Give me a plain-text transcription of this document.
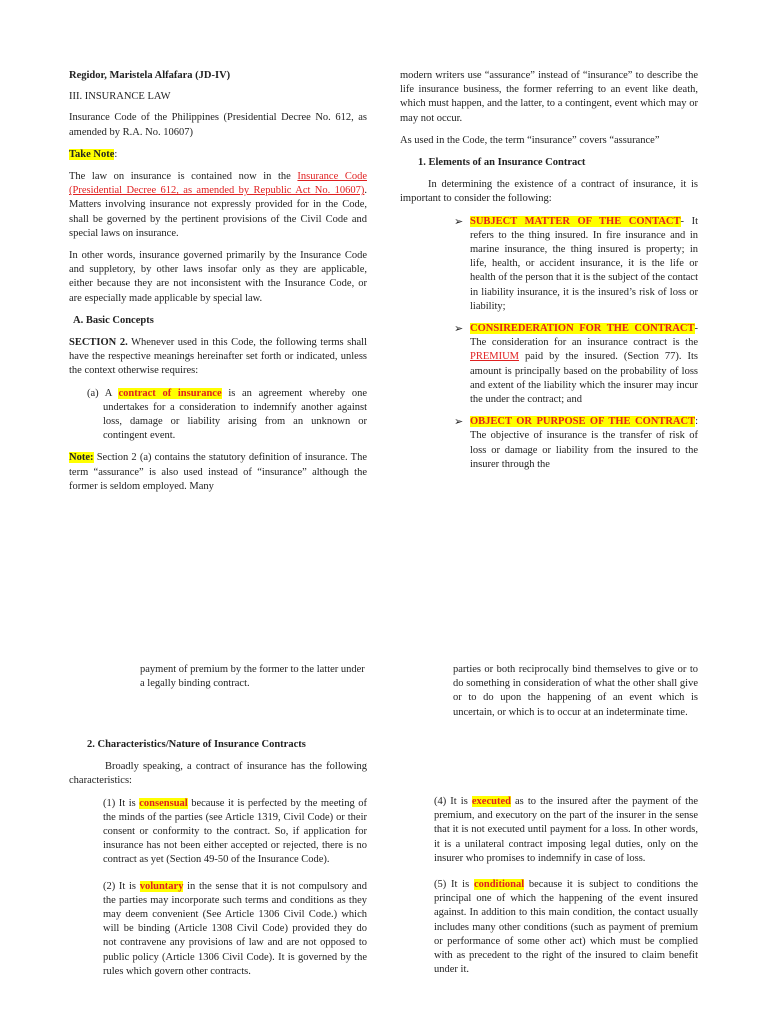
Regidor, Maristela Alfafara (JD-IV)

III. INSURANCE LAW

Insurance Code of the Philippines (Presidential Decree No. 612, as amended by R.A. No. 10607)

Take Note:

The law on insurance is contained now in the Insurance Code (Presidential Decree 612, as amended by Republic Act No. 10607). Matters involving insurance not expressly provided for in the Code, shall be governed by the pertinent provisions of the Civil Code and special laws on insurance.

In other words, insurance governed primarily by the Insurance Code and suppletory, by other laws insofar only as they are applicable, either because they are not inconsistent with the Insurance Code, or are especially made applicable by special law.

A. Basic Concepts

SECTION 2. Whenever used in this Code, the following terms shall have the respective meanings hereinafter set forth or indicated, unless the context otherwise requires:

(a) A contract of insurance is an agreement whereby one undertakes for a consideration to indemnify another against loss, damage or liability arising from an unknown or contingent event.

Note: Section 2 (a) contains the statutory definition of insurance. The term “assurance” is also used instead of “insurance” although the former is seldom employed. Many

modern writers use “assurance” instead of “insurance” to describe the life insurance business, the former referring to an event like death, which must happen, and the latter, to a contingent, event which may or may not occur.

As used in the Code, the term “insurance” covers “assurance”

1. Elements of an Insurance Contract

In determining the existence of a contract of insurance, it is important to consider the following:

➢ SUBJECT MATTER OF THE CONTACT- It refers to the thing insured. In fire insurance and in marine insurance, the thing insured is property; in life, health, or accident insurance, it is the life or health of the person that it is the subject of the contact in liability insurance, it is the insured’s risk of loss or liability;

➢ CONSIREDERATION FOR THE CONTRACT- The consideration for an insurance contract is the PREMIUM paid by the insured. (Section 77). Its amount is principally based on the probability of loss and extent of the liability which the insurer may incur the under the contract; and

➢ OBJECT OR PURPOSE OF THE CONTRACT: The objective of insurance is the transfer of risk of loss or damage or liability from the insured to the insurer through the

payment of premium by the former to the latter under a legally binding contract.

parties or both reciprocally bind themselves to give or to do something in consideration of what the other shall give or to do upon the happening of an event which is uncertain, or which is to occur at an indeterminate time.

2. Characteristics/Nature of Insurance Contracts

Broadly speaking, a contract of insurance has the following characteristics:

(1) It is consensual because it is perfected by the meeting of the minds of the parties (see Article 1319, Civil Code) or their consent or conformity to the contract. So, if application for insurance has not been either accepted or rejected, there is no contract as yet (Section 49-50 of the Insurance Code).

(2) It is voluntary in the sense that it is not compulsory and the parties may incorporate such terms and conditions as they may deem convenient (See Article 1306 Civil Code.) which will be binding (Article 1308 Civil Code) provided they do not contravene any provisions of law and are not opposed to public policy (Article 1306 Civil Code). It is governed by the rules which govern other contracts.

(4) It is executed as to the insured after the payment of the premium, and executory on the part of the insurer in the sense that it is not executed until payment for a loss. In other words, it is a unilateral contract imposing legal duties, only on the insurer who promises to indemnify in case of loss.

(5) It is conditional because it is subject to conditions the principal one of which the happening of the event insured against. In addition to this main condition, the contact usually includes many other conditions (such as payment of premium or performance of some other act) which must be complied with as precedent to the right of the insured to claim benefit under it.
